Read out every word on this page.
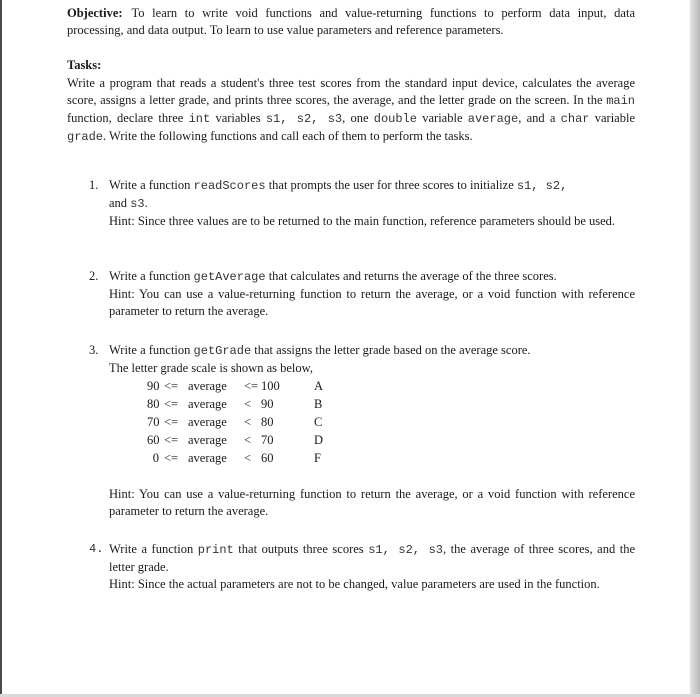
Objective: To learn to write void functions and value-returning functions to perform data input, data processing, and data output. To learn to use value parameters and reference parameters.

Tasks:

Write a program that reads a student's three test scores from the standard input device, calculates the average score, assigns a letter grade, and prints three scores, the average, and the letter grade on the screen. In the main function, declare three int variables s1, s2, s3, one double variable average, and a char variable grade. Write the following functions and call each of them to perform the tasks.

1. Write a function readScores that prompts the user for three scores to initialize s1, s2,
and s3.

Hint: Since three values are to be returned to the main function, reference parameters should be used.

2. Write a function getAverage that calculates and returns the average of the three scores.

Hint: You can use a value-returning function to return the average, or a void function with reference parameter to return the average.

3. Write a function getGrade that assigns the letter grade based on the average score.

The letter grade scale is shown as below,

90 <= average <= 100	A
80 <= average < 90	B
70 <= average < 80	C
60 <= average < 70	D
0 <= average < 60	F

Hint: You can use a value-returning function to return the average, or a void function with reference parameter to return the average.

4. Write a function print that outputs three scores s1, s2, s3, the average of three scores, and the letter grade.

Hint: Since the actual parameters are not to be changed, value parameters are used in the function.
